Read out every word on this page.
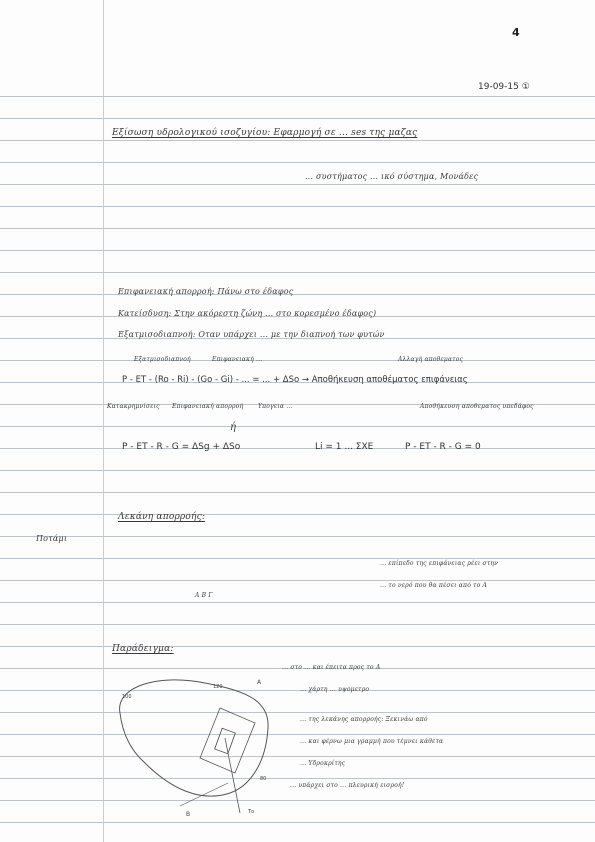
4
19-09-15 ①
Εξίσωση υδρολογικού ισοζυγίου: Εφαρμογή σε ... ses της μαζας
... συστήματος ... ικό σύστημα, Μονάδες
Επιφανειακή απορροή: Πάνω στο έδαφος
Κατείσδυση: Στην ακόρεστη ζώνη ... στο κορεσμένο έδαφος)
Εξατμισοδιαπνοή: Οταν υπάρχει ... με την διαπνοή των φυτών
Εξατμισοδιαπνοή	Επιφανειακή ...	Αλλαγή αποθεματος
P - ET - (Ro - Ri) - (Go - Gi) - ... = ... + ΔSo → Αποθήκευση αποθέματος επιφάνειας
Κατακρημνίσεις Επιφανειακή απορροή Υπογεια ...	Αποθήκευση αποθεματος υπεδάφος
ή
P - ET - R - G = ΔSg + ΔSo	Li = 1 ... ΣΧΕ	P - ET - R - G = 0
Λεκάνη απορροής:
Ποτάμι
... επίπεδο της επιφάνειας ρέει στην
... το νερό που θα πέσει από το Α
Α Β Γ
Παράδειγμα:
... στο ... και έπειτα προς το Α
... χάρτη ... υψομετρο
... της λεκάνης απορροής: Ξεκινάω από
... και φέρνω μια γραμμή που τέμνει κάθετα
... Υδροκρίτης
... υπάρχει στο ... πλευρική εισροή!
100
120
Α
Β
80
Το
